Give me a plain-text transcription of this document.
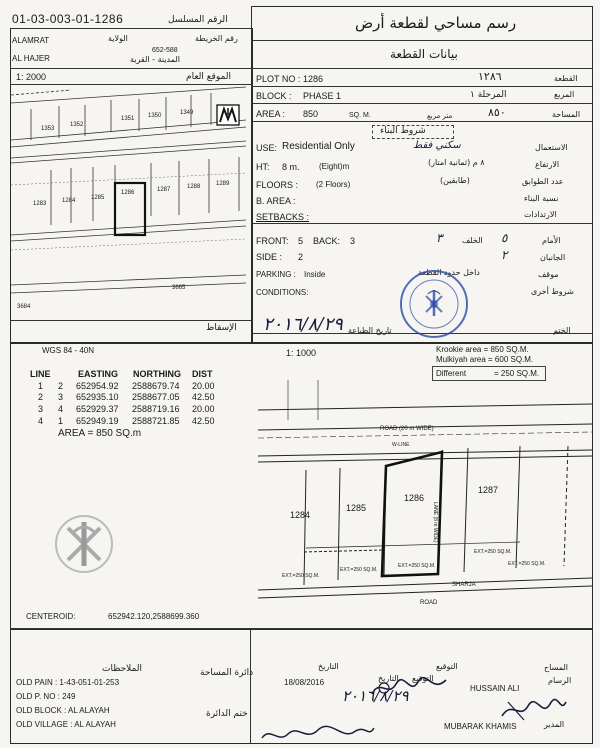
01-03-003-01-1286	الرقم المسلسل
ALAMRAT	الولاية	رقم الخريطة
652-588
AL HAJER	المدينة - القرية
1: 2000	الموقع العام
1353
1352
1351 1350	1349
1283	1284	1285
1286	1287	1288	1289
3665
3684
الإسقاط
رسم مساحي لقطعة أرض
بيانات القطعة
PLOT NO : 1286	١٢٨٦	القطعة
BLOCK : PHASE 1	المرحلة ١	المربع
AREA : 850	SQ. M.	متر مربع	٨٥٠	المساحة
شروط البناء
USE: Residential Only	سكني فقط	الاستعمال
HT: 8 m. (Eight)m	٨ م (ثمانية امتار)	الارتفاع
FLOORS : (2 Floors)	(طابقين)	عدد الطوابق
B. AREA :	نسبة البناء
SETBACKS :	الارتدادات
FRONT: 5 BACK: 3	٣ الخلف ٥	الأمام
SIDE : 2	٢	الجانبان
PARKING : Inside	داخل حدود القطعة	موقف
CONDITIONS:	شروط أخرى
٢٠١٦/٨/٢٩ تاريخ الطباعة	الختم
WGS 84 - 40N	1: 1000	Krookie area = 850 SQ.M.
Mulkiyah area = 600 SQ.M.
Different	= 250 SQ.M.
LINE	EASTING NORTHING DIST
1 2 652954.92 2588679.74 20.00
2 3 652935.10 2588677.05 42.50
3 4 652929.37 2588719.16 20.00
4 1 652949.19 2588721.85 42.50
AREA = 850 SQ.m	ROAD (20 m WIDE)
W-LINE
LANE (8 m WIDE)
1284
1285
1286
1287
EXT.=250 SQ.M.
EXT.=250 SQ.M.
EXT.=250 SQ.M.
EXT.=250 SQ.M.
EXT.=250 SQ.M.
SHARJA
ROAD
CENTEROID:	652942.120,2588699.360
الملاحظات
OLD PAIN : 1-43-051-01-253
OLD P. NO : 249
OLD BLOCK : AL ALAYAH
OLD VILLAGE : AL ALAYAH
دائرة المساحة
ختم الدائرة
التوقيع
التاريخ	المساح
18/08/2016	التاريخ التوقيع
HUSSAIN ALI
الرسام
٢٠١٦/٨/٢٩
MUBARAK KHAMIS	المدير
